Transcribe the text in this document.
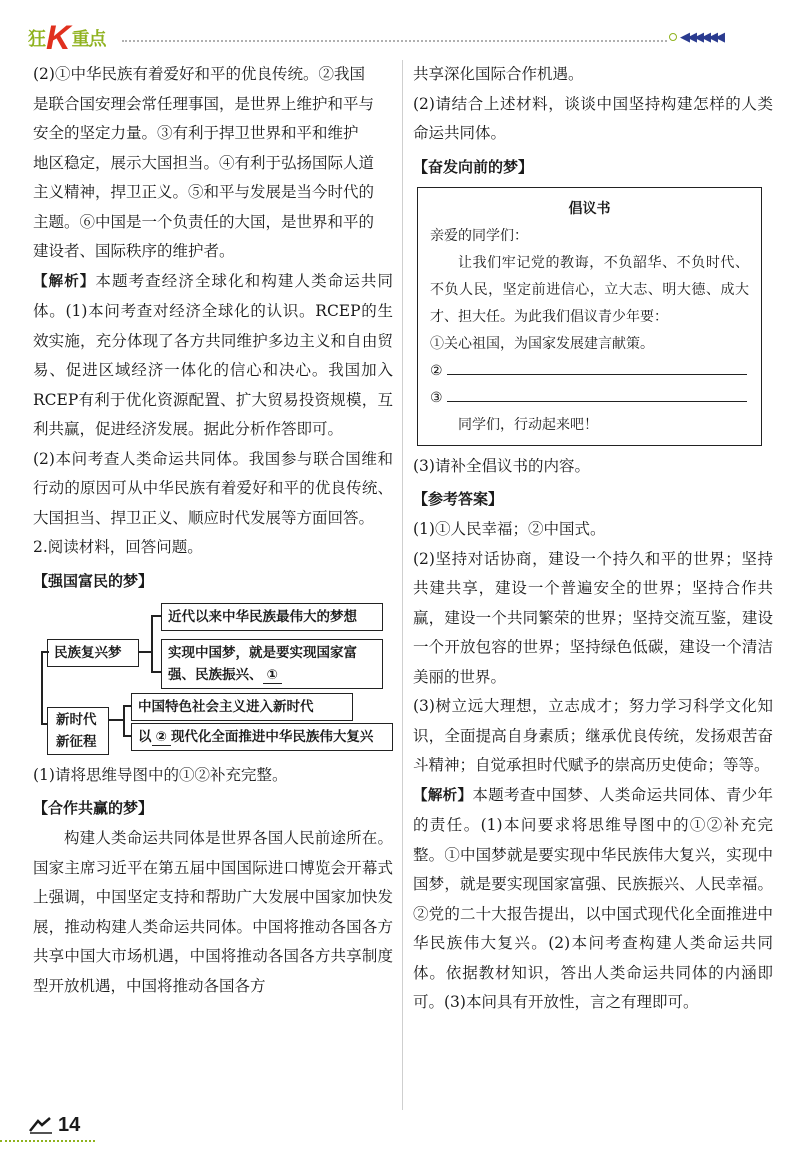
狂 K 重点	◀◀◀◀◀◀

(2)①中华民族有着爱好和平的优良传统。②我国

是联合国安理会常任理事国，是世界上维护和平与

安全的坚定力量。③有利于捍卫世界和平和维护

地区稳定，展示大国担当。④有利于弘扬国际人道

主义精神，捍卫正义。⑤和平与发展是当今时代的

主题。⑥中国是一个负责任的大国，是世界和平的

建设者、国际秩序的维护者。

【解析】本题考查经济全球化和构建人类命运共同体。(1)本问考查对经济全球化的认识。RCEP的生效实施，充分体现了各方共同维护多边主义和自由贸易、促进区域经济一体化的信心和决心。我国加入RCEP有利于优化资源配置、扩大贸易投资规模，互利共赢，促进经济发展。据此分析作答即可。

(2)本问考查人类命运共同体。我国参与联合国维和行动的原因可从中华民族有着爱好和平的优良传统、大国担当、捍卫正义、顺应时代发展等方面回答。

2.阅读材料，回答问题。

【强国富民的梦】
民族复兴梦
近代以来中华民族最伟大的梦想
实现中国梦，就是要实现国家富
强、民族振兴、 ①
新时代
新征程
中国特色社会主义进入新时代
以 ② 现代化全面推进中华民族伟大复兴

(1)请将思维导图中的①②补充完整。

【合作共赢的梦】

构建人类命运共同体是世界各国人民前途所在。国家主席习近平在第五届中国国际进口博览会开幕式上强调，中国坚定支持和帮助广大发展中国家加快发展，推动构建人类命运共同体。中国将推动各国各方共享中国大市场机遇，中国将推动各国各方共享制度型开放机遇，中国将推动各国各方

共享深化国际合作机遇。

(2)请结合上述材料，谈谈中国坚持构建怎样的人类命运共同体。

【奋发向前的梦】

倡议书

亲爱的同学们：

让我们牢记党的教诲，不负韶华、不负时代、不负人民，坚定前进信心，立大志、明大德、成大才、担大任。为此我们倡议青少年要：

①关心祖国，为国家发展建言献策。

②

③

同学们，行动起来吧！

(3)请补全倡议书的内容。

【参考答案】

(1)①人民幸福；②中国式。

(2)坚持对话协商，建设一个持久和平的世界；坚持共建共享，建设一个普遍安全的世界；坚持合作共赢，建设一个共同繁荣的世界；坚持交流互鉴，建设一个开放包容的世界；坚持绿色低碳，建设一个清洁美丽的世界。

(3)树立远大理想，立志成才；努力学习科学文化知识，全面提高自身素质；继承优良传统，发扬艰苦奋斗精神；自觉承担时代赋予的崇高历史使命；等等。

【解析】本题考查中国梦、人类命运共同体、青少年的责任。(1)本问要求将思维导图中的①②补充完整。①中国梦就是要实现中华民族伟大复兴，实现中国梦，就是要实现国家富强、民族振兴、人民幸福。②党的二十大报告提出，以中国式现代化全面推进中华民族伟大复兴。(2)本问考查构建人类命运共同体。依据教材知识，答出人类命运共同体的内涵即可。(3)本问具有开放性，言之有理即可。

14
